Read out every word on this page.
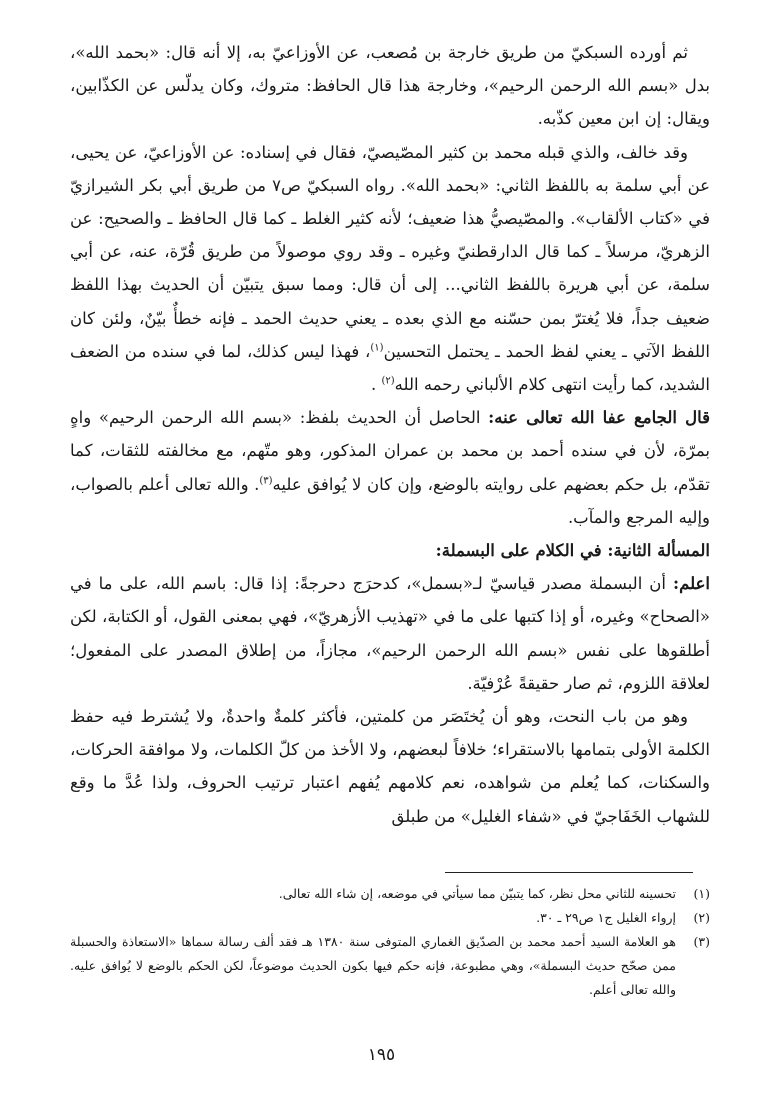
ثم أورده السبكيّ من طريق خارجة بن مُصعب، عن الأوزاعيّ به، إلا أنه قال: «بحمد الله»، بدل «بسم الله الرحمن الرحيم»، وخارجة هذا قال الحافظ: متروك، وكان يدلّس عن الكذّابين، ويقال: إن ابن معين كذّبه.

وقد خالف، والذي قبله محمد بن كثير المصّيصيّ، فقال في إسناده: عن الأوزاعيّ، عن يحيى، عن أبي سلمة به باللفظ الثاني: «بحمد الله». رواه السبكيّ ص٧ من طريق أبي بكر الشيرازيّ في «كتاب الألقاب». والمصّيصيُّ هذا ضعيف؛ لأنه كثير الغلط ـ كما قال الحافظ ـ والصحيح: عن الزهريّ، مرسلاً ـ كما قال الدارقطنيّ وغيره ـ وقد روي موصولاً من طريق قُرّة، عنه، عن أبي سلمة، عن أبي هريرة باللفظ الثاني... إلى أن قال: ومما سبق يتبيّن أن الحديث بهذا اللفظ ضعيف جداً، فلا يُغترّ بمن حسّنه مع الذي بعده ـ يعني حديث الحمد ـ فإنه خطأٌ بيّنٌ، ولئن كان اللفظ الآتي ـ يعني لفظ الحمد ـ يحتمل التحسين$^{(١)}$، فهذا ليس كذلك، لما في سنده من الضعف الشديد، كما رأيت انتهى كلام الألباني رحمه الله$^{(٢)}$ .

قال الجامع عفا الله تعالى عنه: الحاصل أن الحديث بلفظ: «بسم الله الرحمن الرحيم» واهٍ بمرّة، لأن في سنده أحمد بن محمد بن عمران المذكور، وهو متّهم، مع مخالفته للثقات، كما تقدّم، بل حكم بعضهم على روايته بالوضع، وإن كان لا يُوافق عليه$^{(٣)}$. والله تعالى أعلم بالصواب، وإليه المرجع والمآب.

المسألة الثانية: في الكلام على البسملة:

اعلم: أن البسملة مصدر قياسيّ لـ«بسمل»، كدحرَج دحرجةً: إذا قال: باسم الله، على ما في «الصحاح» وغيره، أو إذا كتبها على ما في «تهذيب الأزهريّ»، فهي بمعنى القول، أو الكتابة، لكن أطلقوها على نفس «بسم الله الرحمن الرحيم»، مجازاً، من إطلاق المصدر على المفعول؛ لعلاقة اللزوم، ثم صار حقيقةً عُرْفيّة.

وهو من باب النحت، وهو أن يُختَصَر من كلمتين، فأكثر كلمةٌ واحدةٌ، ولا يُشترط فيه حفظ الكلمة الأولى بتمامها بالاستقراء؛ خلافاً لبعضهم، ولا الأخذ من كلّ الكلمات، ولا موافقة الحركات، والسكنات، كما يُعلم من شواهده، نعم كلامهم يُفهم اعتبار ترتيب الحروف، ولذا عُدَّ ما وقع للشهاب الخَفَاجيّ في «شفاء الغليل» من طبلق

(١)
تحسينه للثاني محل نظر، كما يتبيّن مما سيأتي في موضعه، إن شاء الله تعالى.
(٢)
إرواء الغليل ج١ ص٢٩ ـ ٣٠.
(٣)
هو العلامة السيد أحمد محمد بن الصدّيق الغماري المتوفى سنة ١٣٨٠ هـ فقد ألف رسالة سماها «الاستعاذة والحسبلة ممن صحّح حديث البسملة»، وهي مطبوعة، فإنه حكم فيها بكون الحديث موضوعاً، لكن الحكم بالوضع لا يُوافق عليه. والله تعالى أعلم.
١٩٥
